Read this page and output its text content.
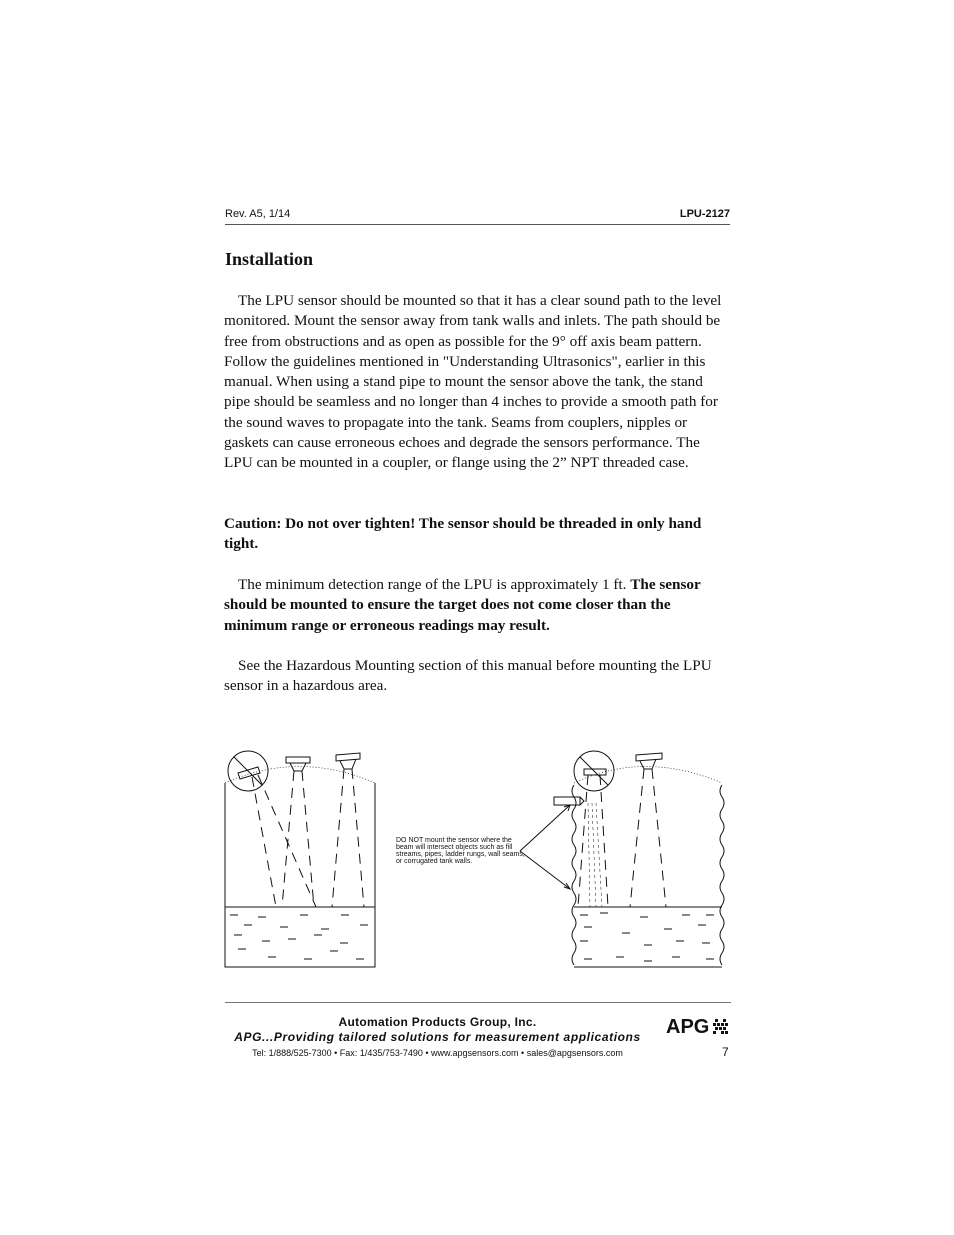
Rev. A5, 1/14	LPU-2127
Installation
The LPU sensor should be mounted so that it has a clear sound path to the level monitored. Mount the sensor away from tank walls and inlets. The path should be free from obstructions and as open as possible for the 9° off axis beam pattern. Follow the guidelines mentioned in "Understanding Ultrasonics", earlier in this manual. When using a stand pipe to mount the sensor above the tank, the stand pipe should be seamless and no longer than 4 inches to provide a smooth path for the sound waves to propagate into the tank. Seams from couplers, nipples or gaskets can cause erroneous echoes and degrade the sensors performance. The LPU can be mounted in a coupler, or flange using the 2” NPT threaded case.
Caution: Do not over tighten! The sensor should be threaded in only hand tight.
The minimum detection range of the LPU is approximately 1 ft. The sensor should be mounted to ensure the target does not come closer than the minimum range or erroneous readings may result.
See the Hazardous Mounting section of this manual before mounting the LPU sensor in a hazardous area.
DO NOT mount the sensor where the beam will intersect objects such as fill streams, pipes, ladder rungs, wall seams, or corrugated tank walls.
Automation Products Group, Inc.
APG...Providing tailored solutions for measurement applications
Tel: 1/888/525-7300 • Fax: 1/435/753-7490 • www.apgsensors.com • sales@apgsensors.com
APG
7
